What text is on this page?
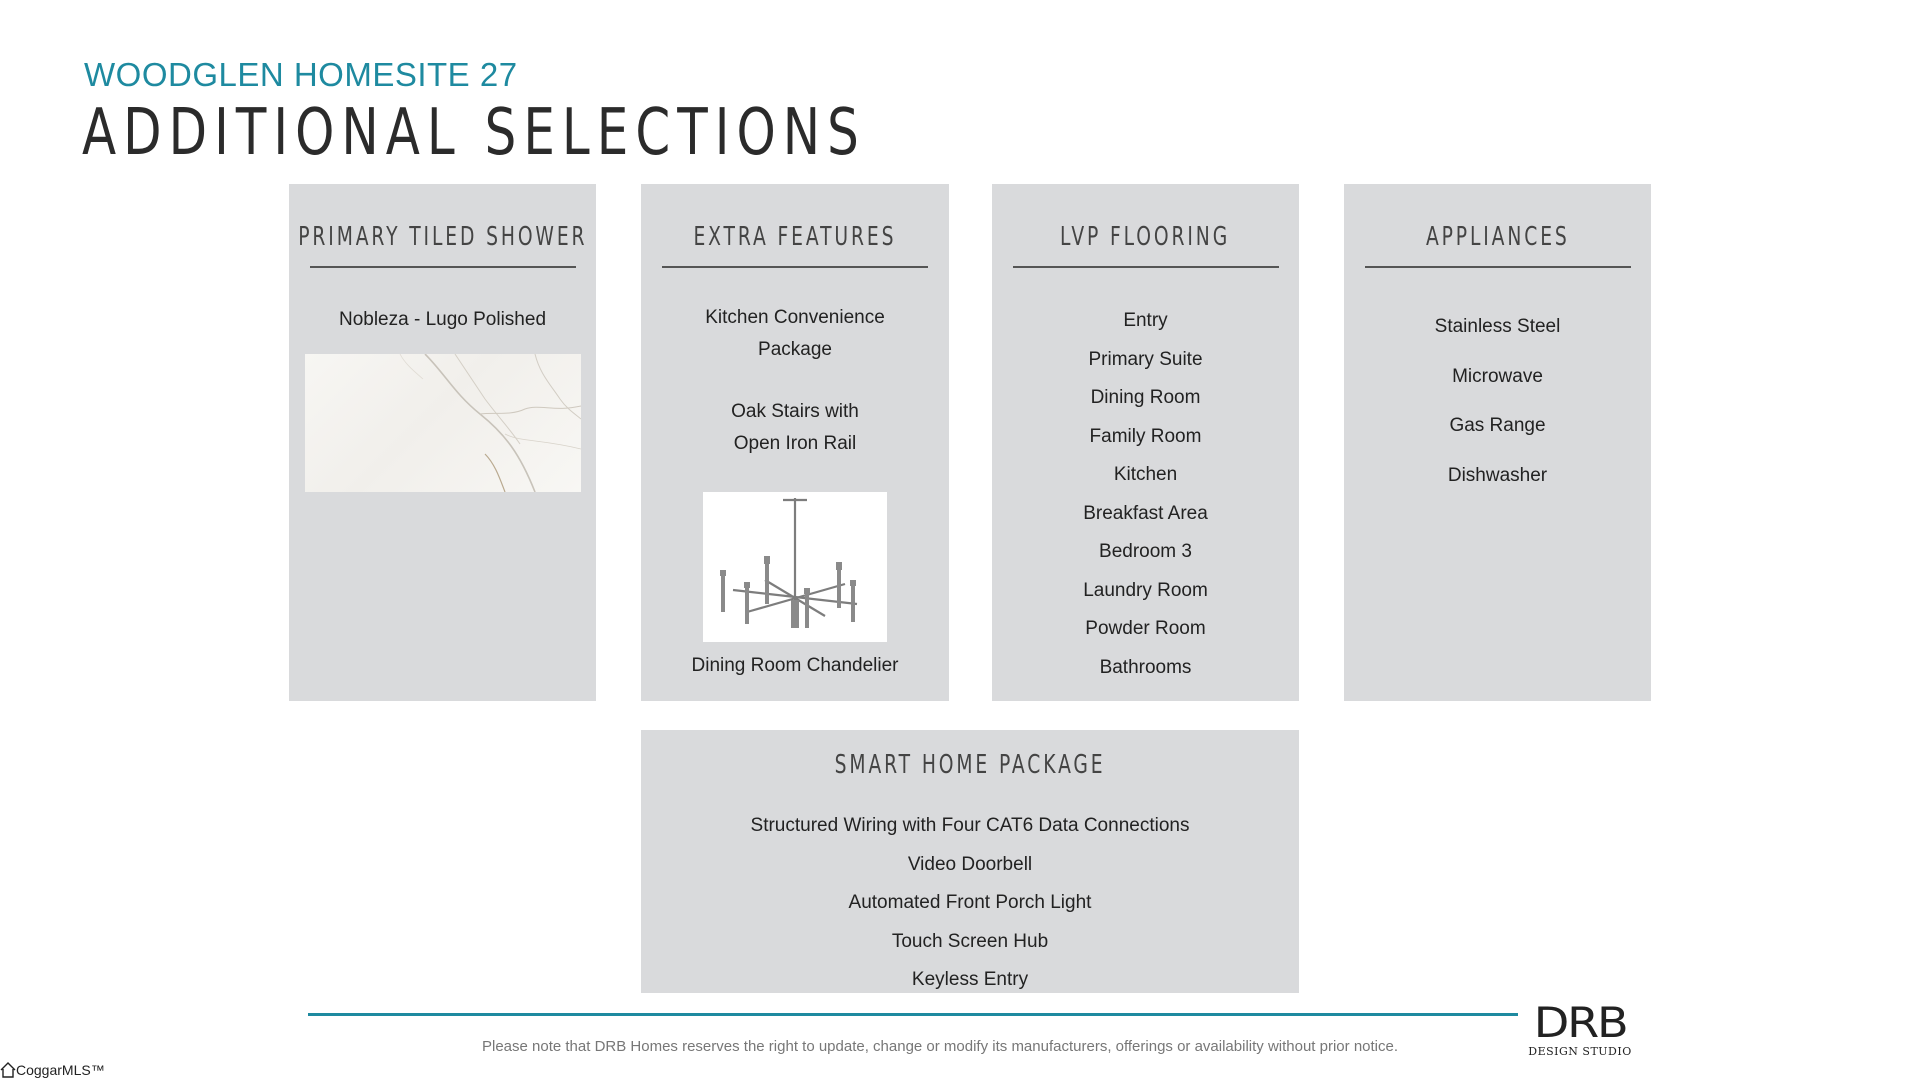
WOODGLEN HOMESITE 27
ADDITIONAL SELECTIONS
PRIMARY TILED SHOWER
Nobleza - Lugo Polished
EXTRA FEATURES
Kitchen Convenience
Package
Oak Stairs with
Open Iron Rail
Dining Room Chandelier
LVP FLOORING
Entry
Primary Suite
Dining Room
Family Room
Kitchen
Breakfast Area
Bedroom 3
Laundry Room
Powder Room
Bathrooms
APPLIANCES
Stainless Steel
Microwave
Gas Range
Dishwasher
SMART HOME PACKAGE
Structured Wiring with Four CAT6 Data Connections
Video Doorbell
Automated Front Porch Light
Touch Screen Hub
Keyless Entry
Please note that DRB Homes reserves the right to update, change or modify its manufacturers, offerings or availability without prior notice.	DRB
DESIGN STUDIO
CoggarMLS™
